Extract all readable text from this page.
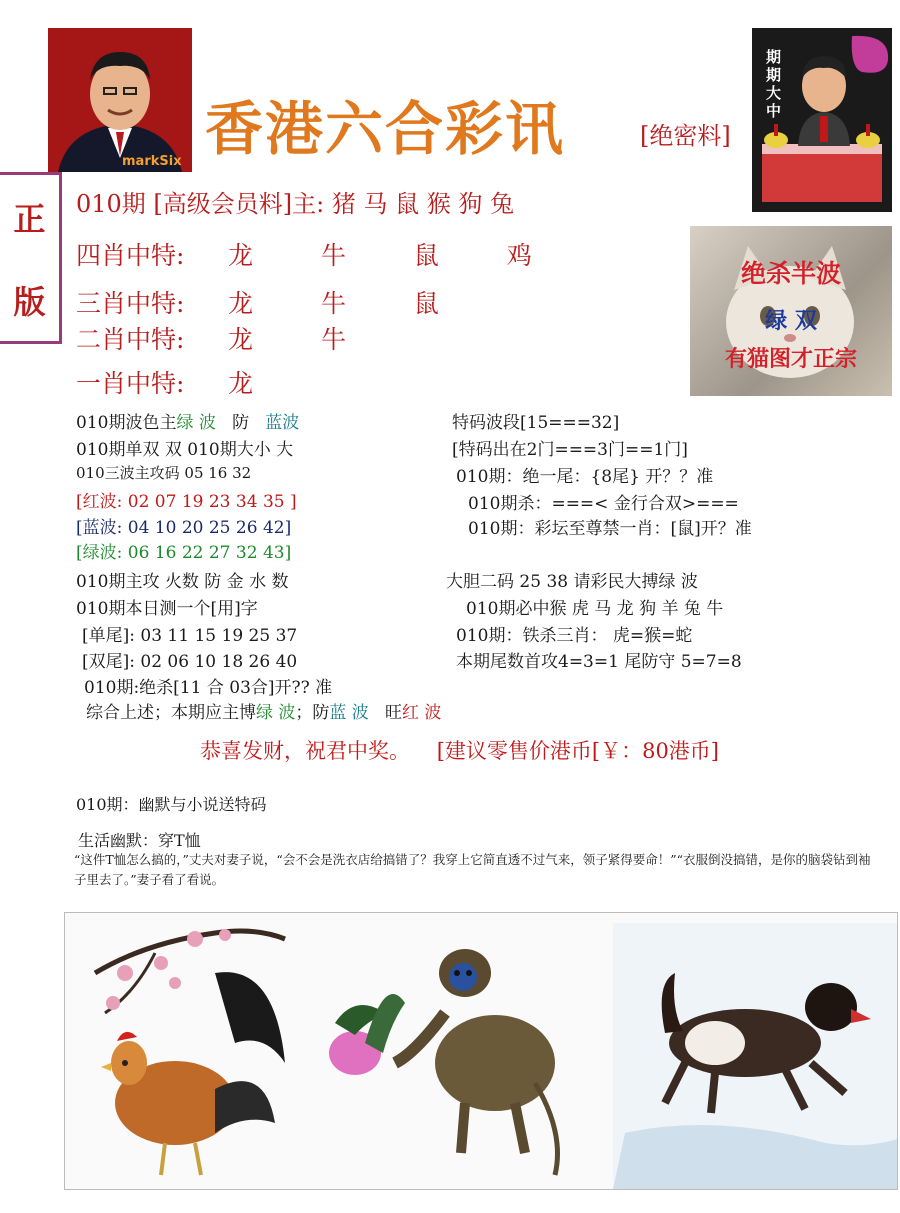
markSix
期期大中
香港六合彩讯	[绝密料]
正
版
010期 [高级会员料]主: 猪 马 鼠 猴 狗 兔
四肖中特: 龙 牛 鼠 鸡
三肖中特: 龙 牛 鼠
二肖中特: 龙 牛
一肖中特: 龙
绝杀半波
绿 双
有猫图才正宗
010期波色主绿 波 防 蓝波
010期单双 双 010期大小 大
010三波主攻码 05 16 32
[红波: 02 07 19 23 34 35 ]
[蓝波: 04 10 20 25 26 42]
[绿波: 06 16 22 27 32 43]
010期主攻 火数 防 金 水 数
010期本日测一个[用]字
[单尾]: 03 11 15 19 25 37
[双尾]: 02 06 10 18 26 40
010期:绝杀[11 合 03合]开?? 准
综合上述；本期应主博绿 波；防蓝 波 旺红 波
特码波段[15===32]
[特码出在2门===3门==1门]
010期：绝一尾：{8尾} 开？？准
010期杀：===< 金行合双>===
010期：彩坛至尊禁一肖：[鼠]开？准
大胆二码 25 38 请彩民大搏绿 波
010期必中猴 虎 马 龙 狗 羊 兔 牛
010期：铁杀三肖： 虎=猴=蛇
本期尾数首攻4=3=1 尾防守 5=7=8
恭喜发财，祝君中奖。 [建议零售价港币[￥：80港币]
010期：幽默与小说送特码
生活幽默：穿T恤
“这件T恤怎么搞的，”丈夫对妻子说，“会不会是洗衣店给搞错了？我穿上它简直透不过气来，领子紧得要命！”“衣服倒没搞错，是你的脑袋钻到袖子里去了。”妻子看了看说。
